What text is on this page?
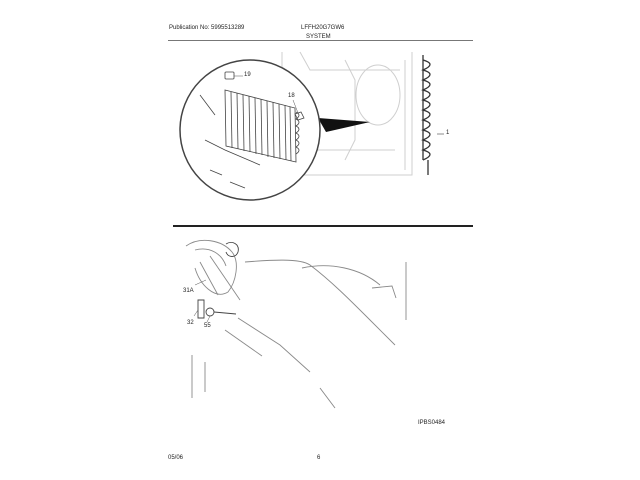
Publication No: 5995513289	LFFH20G7GW6
SYSTEM
19
18
1
31A
32 55
IPBS0484
05/06	6
